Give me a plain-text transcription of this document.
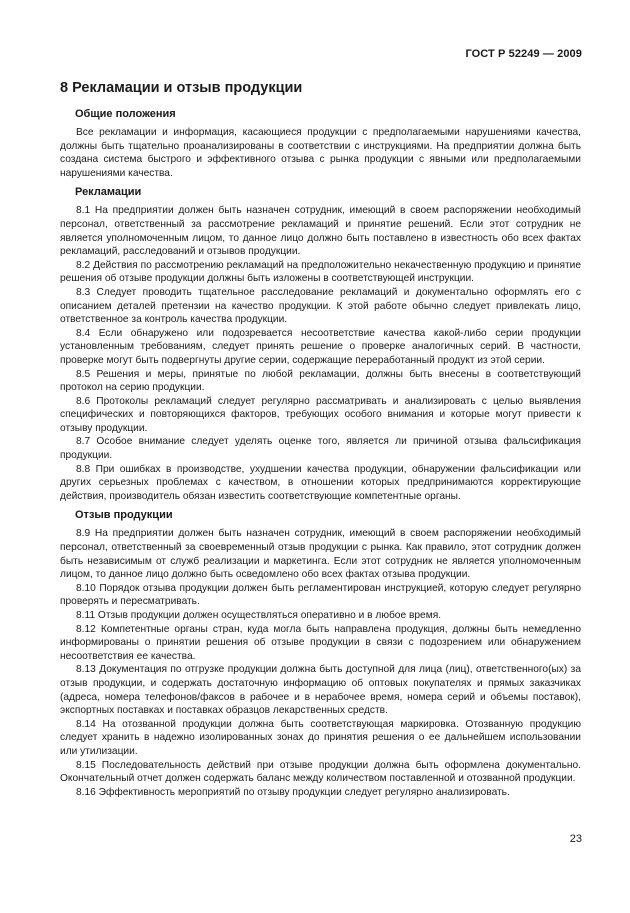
ГОСТ Р 52249 — 2009
8 Рекламации и отзыв продукции
Общие положения

Все рекламации и информация, касающиеся продукции с предполагаемыми нарушениями качества, должны быть тщательно проанализированы в соответствии с инструкциями. На предприятии должна быть создана система быстрого и эффективного отзыва с рынка продукции с явными или предполагаемыми нарушениями качества.

Рекламации

8.1 На предприятии должен быть назначен сотрудник, имеющий в своем распоряжении необходимый персонал, ответственный за рассмотрение рекламаций и принятие решений. Если этот сотрудник не является уполномоченным лицом, то данное лицо должно быть поставлено в известность обо всех фактах рекламаций, расследований и отзывов продукции.

8.2 Действия по рассмотрению рекламаций на предположительно некачественную продукцию и принятие решения об отзыве продукции должны быть изложены в соответствующей инструкции.

8.3 Следует проводить тщательное расследование рекламаций и документально оформлять его с описанием деталей претензии на качество продукции. К этой работе обычно следует привлекать лицо, ответственное за контроль качества продукции.

8.4 Если обнаружено или подозревается несоответствие качества какой-либо серии продукции установленным требованиям, следует принять решение о проверке аналогичных серий. В частности, проверке могут быть подвергнуты другие серии, содержащие переработанный продукт из этой серии.

8.5 Решения и меры, принятые по любой рекламации, должны быть внесены в соответствующий протокол на серию продукции.

8.6 Протоколы рекламаций следует регулярно рассматривать и анализировать с целью выявления специфических и повторяющихся факторов, требующих особого внимания и которые могут привести к отзыву продукции.

8.7 Особое внимание следует уделять оценке того, является ли причиной отзыва фальсификация продукции.

8.8 При ошибках в производстве, ухудшении качества продукции, обнаружении фальсификации или других серьезных проблемах с качеством, в отношении которых предпринимаются корректирующие действия, производитель обязан известить соответствующие компетентные органы.

Отзыв продукции

8.9 На предприятии должен быть назначен сотрудник, имеющий в своем распоряжении необходимый персонал, ответственный за своевременный отзыв продукции с рынка. Как правило, этот сотрудник должен быть независимым от служб реализации и маркетинга. Если этот сотрудник не является уполномоченным лицом, то данное лицо должно быть осведомлено обо всех фактах отзыва продукции.

8.10 Порядок отзыва продукции должен быть регламентирован инструкцией, которую следует регулярно проверять и пересматривать.

8.11 Отзыв продукции должен осуществляться оперативно и в любое время.

8.12 Компетентные органы стран, куда могла быть направлена продукция, должны быть немедленно информированы о принятии решения об отзыве продукции в связи с подозрением или обнаружением несоответствия ее качества.

8.13 Документация по отгрузке продукции должна быть доступной для лица (лиц), ответственного(ых) за отзыв продукции, и содержать достаточную информацию об оптовых покупателях и прямых заказчиках (адреса, номера телефонов/факсов в рабочее и в нерабочее время, номера серий и объемы поставок), экспортных поставках и поставках образцов лекарственных средств.

8.14 На отозванной продукции должна быть соответствующая маркировка. Отозванную продукцию следует хранить в надежно изолированных зонах до принятия решения о ее дальнейшем использовании или утилизации.

8.15 Последовательность действий при отзыве продукции должна быть оформлена документально. Окончательный отчет должен содержать баланс между количеством поставленной и отозванной продукции.

8.16 Эффективность мероприятий по отзыву продукции следует регулярно анализировать.

23
